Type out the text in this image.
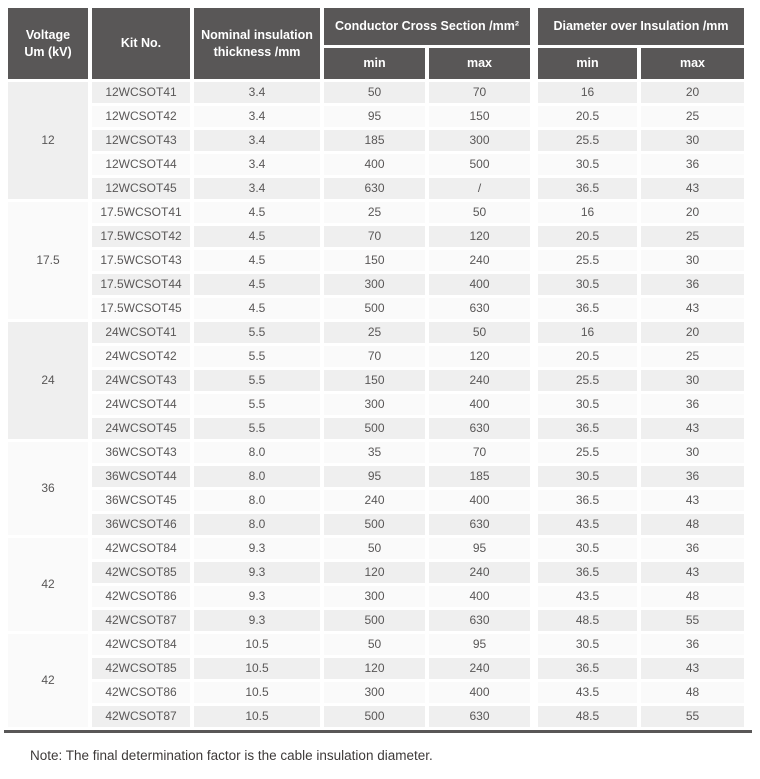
Voltage
Um (kV)	Kit No.	Nominal insulation thickness /mm	Conductor Cross Section /mm²		Diameter over Insulation /mm	
			min	max	min	max
12	12WCSOT41	3.4	50	70	16	20
	12WCSOT42	3.4	95	150	20.5	25
	12WCSOT43	3.4	185	300	25.5	30
	12WCSOT44	3.4	400	500	30.5	36
	12WCSOT45	3.4	630	/	36.5	43
17.5	17.5WCSOT41	4.5	25	50	16	20
	17.5WCSOT42	4.5	70	120	20.5	25
	17.5WCSOT43	4.5	150	240	25.5	30
	17.5WCSOT44	4.5	300	400	30.5	36
	17.5WCSOT45	4.5	500	630	36.5	43
24	24WCSOT41	5.5	25	50	16	20
	24WCSOT42	5.5	70	120	20.5	25
	24WCSOT43	5.5	150	240	25.5	30
	24WCSOT44	5.5	300	400	30.5	36
	24WCSOT45	5.5	500	630	36.5	43
36	36WCSOT43	8.0	35	70	25.5	30
	36WCSOT44	8.0	95	185	30.5	36
	36WCSOT45	8.0	240	400	36.5	43
	36WCSOT46	8.0	500	630	43.5	48
42	42WCSOT84	9.3	50	95	30.5	36
	42WCSOT85	9.3	120	240	36.5	43
	42WCSOT86	9.3	300	400	43.5	48
	42WCSOT87	9.3	500	630	48.5	55
42	42WCSOT84	10.5	50	95	30.5	36
	42WCSOT85	10.5	120	240	36.5	43
	42WCSOT86	10.5	300	400	43.5	48
	42WCSOT87	10.5	500	630	48.5	55

Note: The final determination factor is the cable insulation diameter.
